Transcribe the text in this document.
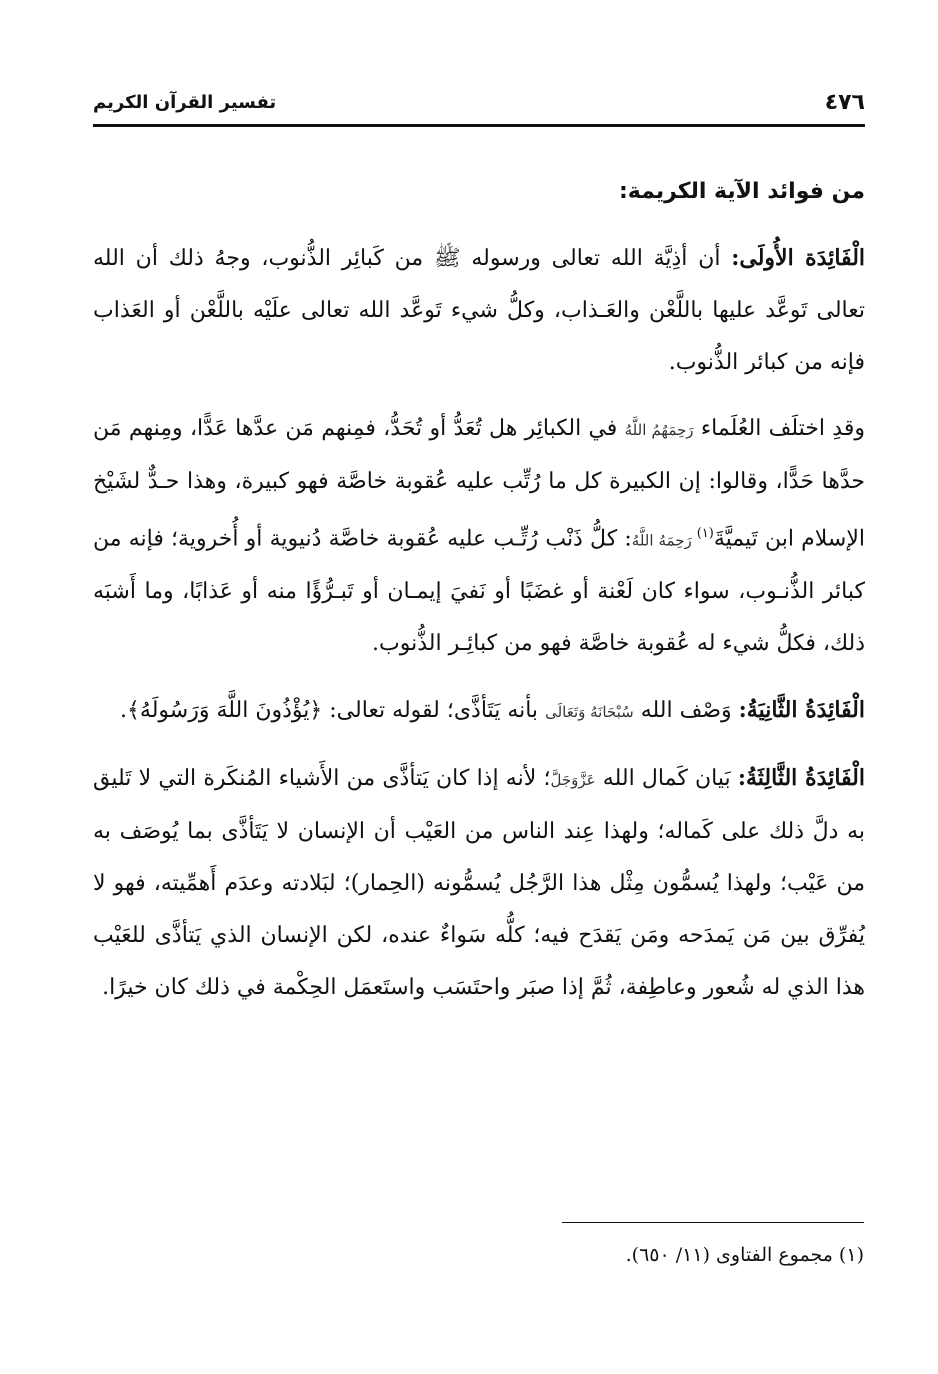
٤٧٦
تفسير القرآن الكريم
من فوائد الآية الكريمة:

الْفَائِدَة الأُولَى: أن أذِيَّة الله تعالى ورسوله ﷺ من كَبائِر الذُّنوب، وجهُ ذلك أن الله تعالى تَوعَّد عليها باللَّعْن والعَـذاب، وكلُّ شيء تَوعَّد الله تعالى علَيْه باللَّعْن أو العَذاب فإنه من كبائر الذُّنوب.

وقدِ اختلَف العُلَماء رَحِمَهُمُ اللَّهُ في الكبائِر هل تُعَدُّ أو تُحَدُّ، فمِنهم مَن عدَّها عَدًّا، ومِنهم مَن حدَّها حَدًّا، وقالوا: إن الكبيرة كل ما رُتِّب عليه عُقوبة خاصَّة فهو كبيرة، وهذا حـدٌّ لشَيْخ الإسلام ابن تَيميَّةَ$^{(١)}$ رَحِمَهُ اللَّهُ: كلُّ ذَنْب رُتِّـب عليه عُقوبة خاصَّة دُنيوية أو أُخروية؛ فإنه من كبائر الذُّنـوب، سواء كان لَعْنة أو غضَبًا أو نَفيَ إيمـان أو تَبـرُّؤًا منه أو عَذابًا، وما أَشبَه ذلك، فكلُّ شيء له عُقوبة خاصَّة فهو من كبائِـر الذُّنوب.

الْفَائِدَةُ الثَّانِيَةُ: وَصْف الله سُبْحَانَهُ وَتَعَالَى بأنه يَتَأذَّى؛ لقوله تعالى: ﴿يُؤْذُونَ اللَّهَ وَرَسُولَهُ﴾.

الْفَائِدَةُ الثَّالِثَةُ: بَيان كَمال الله عَزَّوَجَلَّ؛ لأنه إذا كان يَتأذَّى من الأَشياء المُنكَرة التي لا تَليق به دلَّ ذلك على كَماله؛ ولهذا عِند الناس من العَيْب أن الإنسان لا يَتَأذَّى بما يُوصَف به من عَيْب؛ ولهذا يُسمُّون مِثْل هذا الرَّجُل يُسمُّونه (الحِمار)؛ لبَلادته وعدَم أَهمِّيته، فهو لا يُفرِّق بين مَن يَمدَحه ومَن يَقدَح فيه؛ كلُّه سَواءٌ عنده، لكن الإنسان الذي يَتأذَّى للعَيْب هذا الذي له شُعور وعاطِفة، ثُمَّ إذا صبَر واحتَسَب واستَعمَل الحِكْمة في ذلك كان خيرًا.

(١) مجموع الفتاوى (١١/ ٦٥٠).
